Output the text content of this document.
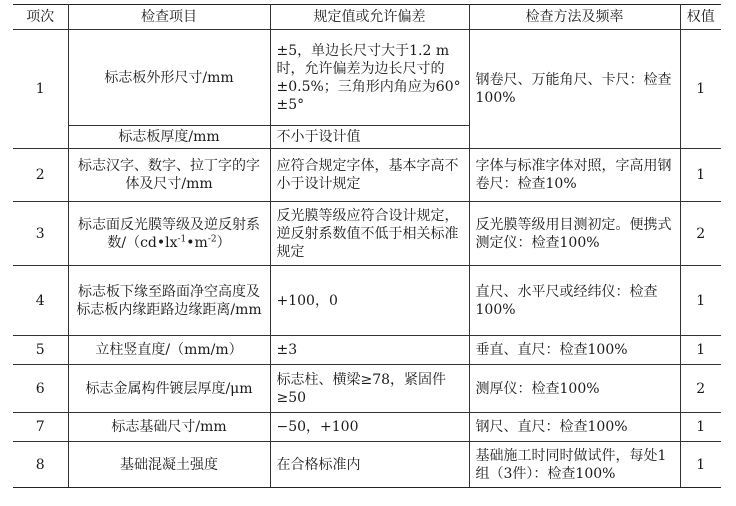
项次	检查项目	规定值或允许偏差	检查方法及频率	权值
1	标志板外形尺寸/mm	±5，单边长尺寸大于1.2 m时，允许偏差为边长尺寸的±0.5%；三角形内角应为60°±5°	钢卷尺、万能角尺、卡尺：检查100%	1
	标志板厚度/mm	不小于设计值		
2	标志汉字、数字、拉丁字的字体及尺寸/mm	应符合规定字体，基本字高不小于设计规定	字体与标准字体对照，字高用钢卷尺：检查10%	1
3	标志面反光膜等级及逆反射系数$/(cd•lx^{-1}•m^{-2})$	反光膜等级应符合设计规定，逆反射系数值不低于相关标准规定	反光膜等级用目测初定。便携式测定仪：检查100%	2
4	标志板下缘至路面净空高度及标志板内缘距路边缘距离/mm	+100，0	直尺、水平尺或经纬仪：检查100%	1
5	立柱竖直度/（mm/m）	±3	垂直、直尺：检查100%	1
6	标志金属构件镀层厚度/μm	标志柱、横梁≥78，紧固件≥50	测厚仪：检查100%	2
7	标志基础尺寸/mm	−50，+100	钢尺、直尺：检查100%	1
8	基础混凝土强度	在合格标准内	基础施工时同时做试件，每处1组（3件）：检查100%	1
